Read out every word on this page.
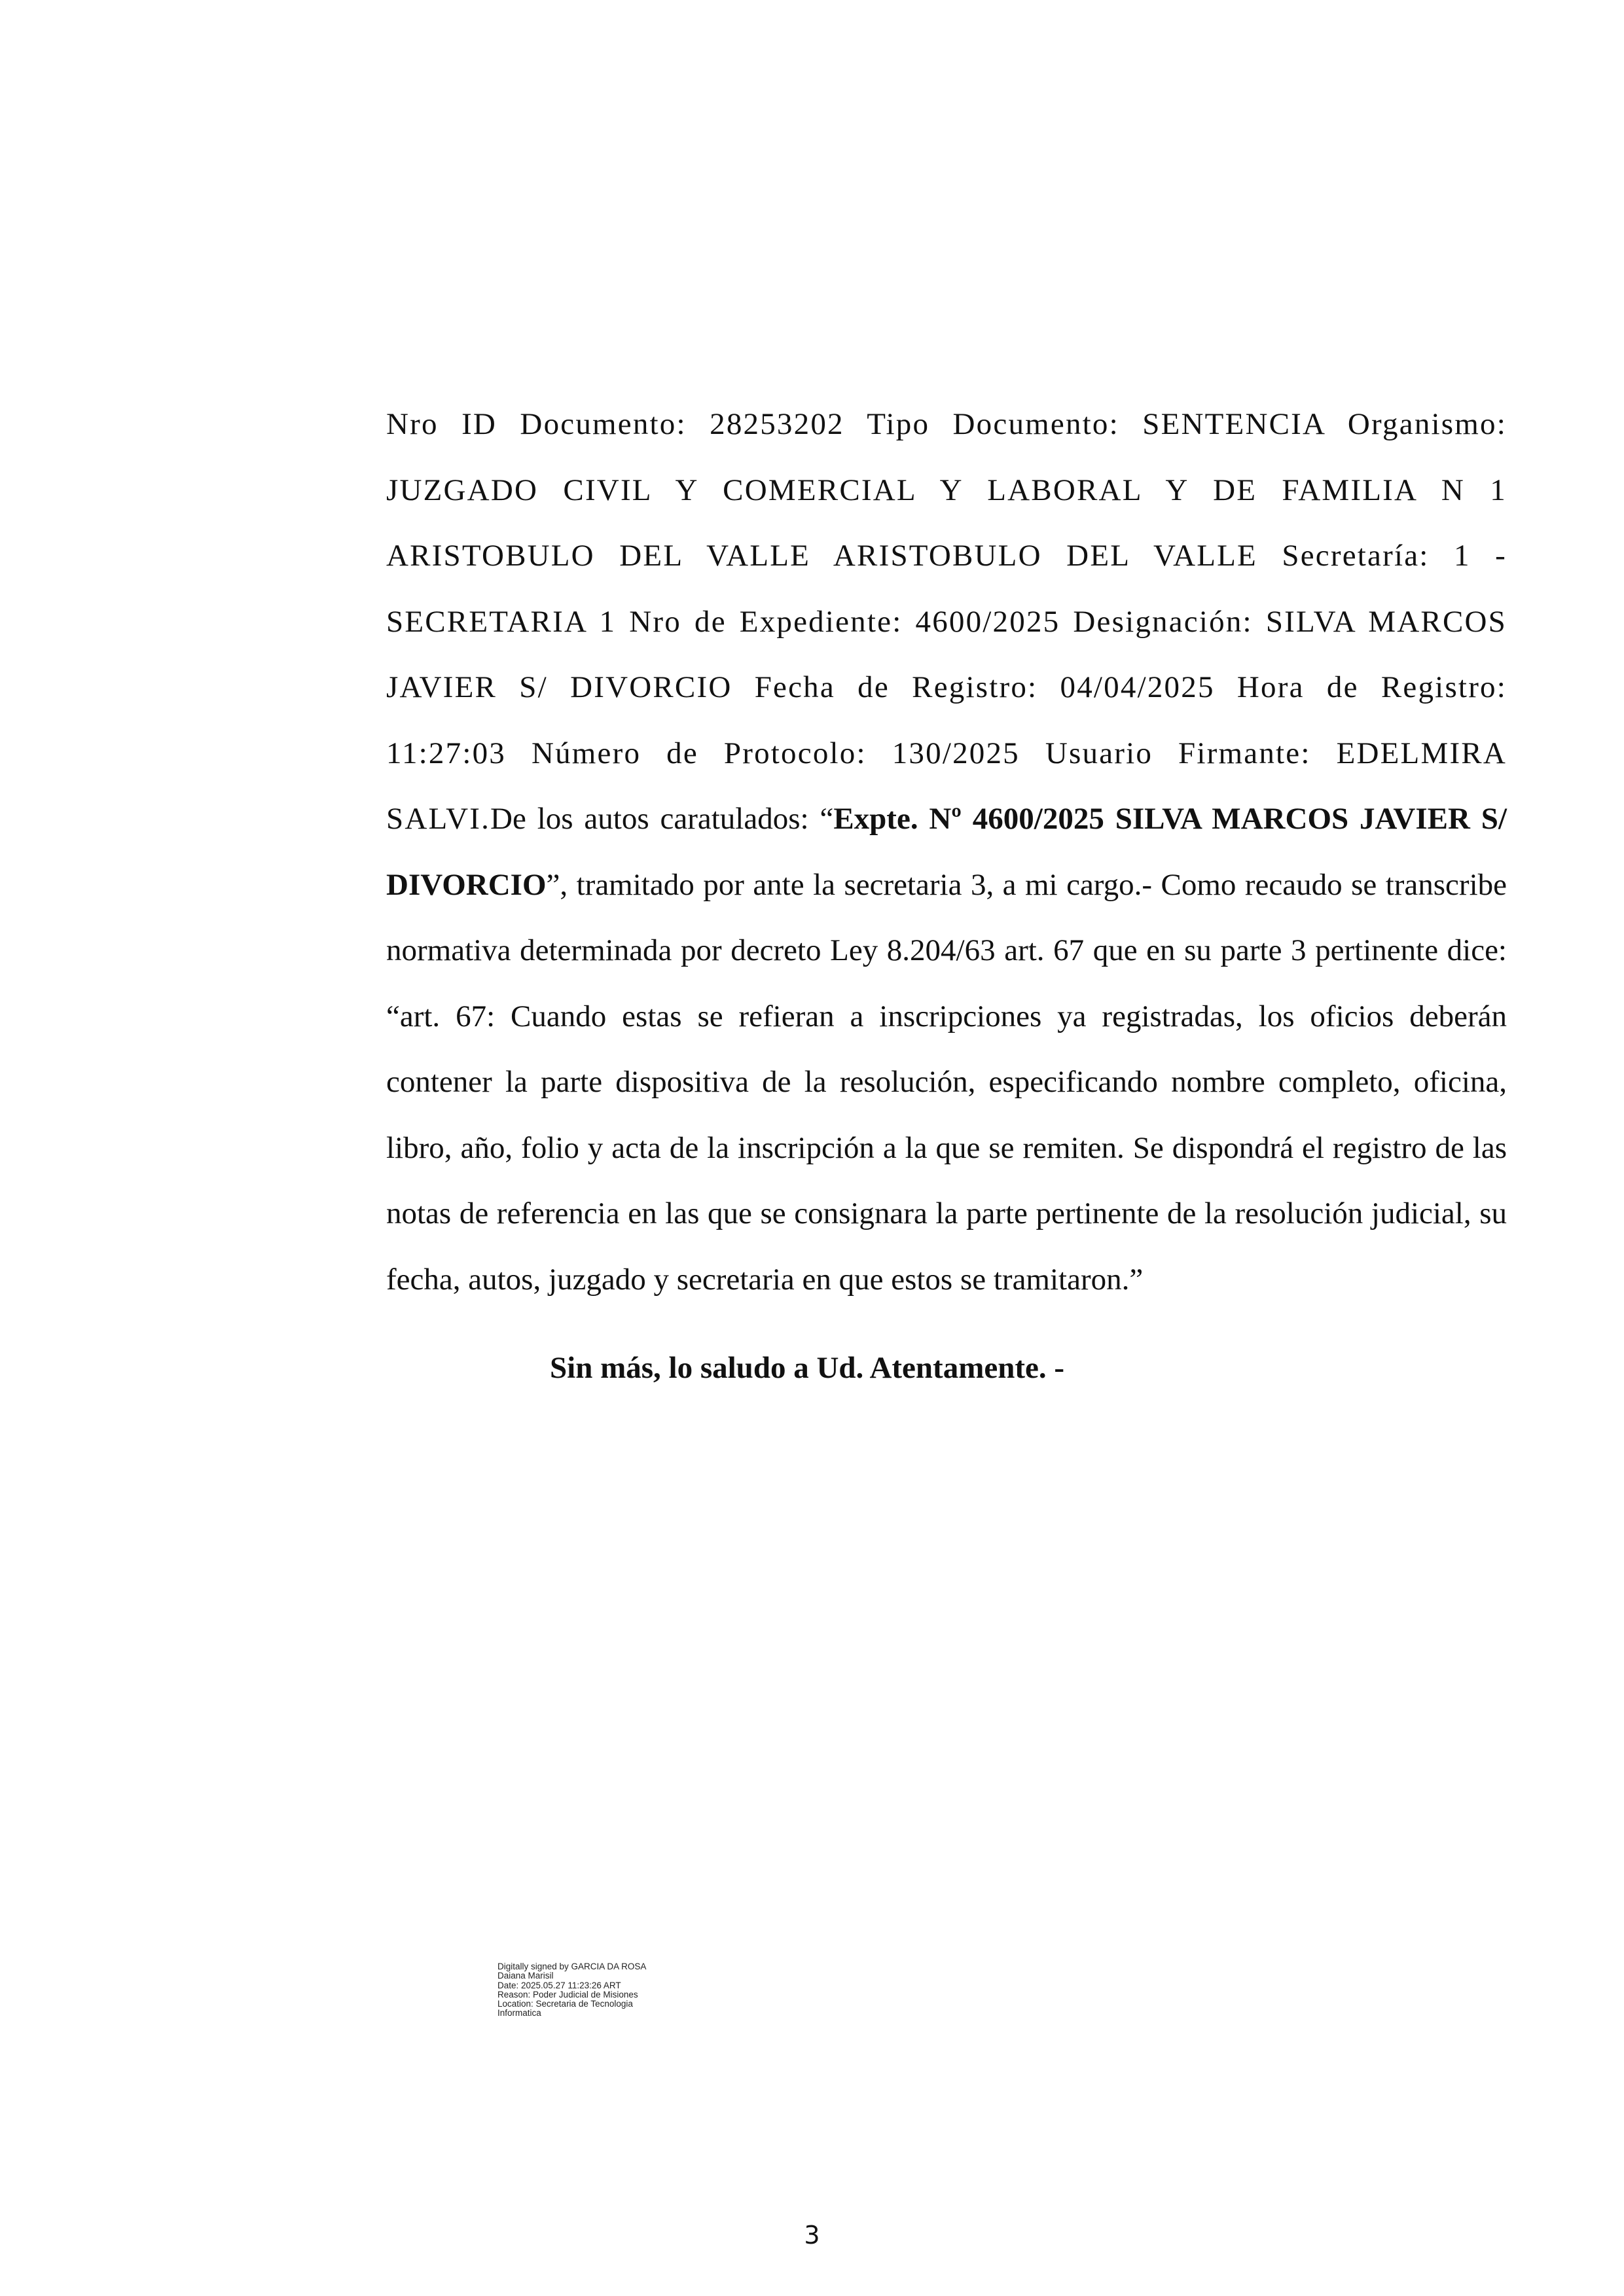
Nro ID Documento: 28253202 Tipo Documento: SENTENCIA Organismo: JUZGADO CIVIL Y COMERCIAL Y LABORAL Y DE FAMILIA N 1 ARISTOBULO DEL VALLE ARISTOBULO DEL VALLE Secretaría: 1 - SECRETARIA 1 Nro de Expediente: 4600/2025 Designación: SILVA MARCOS JAVIER S/ DIVORCIO Fecha de Registro: 04/04/2025 Hora de Registro: 11:27:03 Número de Protocolo: 130/2025 Usuario Firmante: EDELMIRA SALVI.De los autos caratulados: “Expte. Nº 4600/2025 SILVA MARCOS JAVIER S/ DIVORCIO”, tramitado por ante la secretaria 3, a mi cargo.- Como recaudo se transcribe normativa determinada por decreto Ley 8.204/63 art. 67 que en su parte 3 pertinente dice: “art. 67: Cuando estas se refieran a inscripciones ya registradas, los oficios deberán contener la parte dispositiva de la resolución, especificando nombre completo, oficina, libro, año, folio y acta de la inscripción a la que se remiten. Se dispondrá el registro de las notas de referencia en las que se consignara la parte pertinente de la resolución judicial, su fecha, autos, juzgado y secretaria en que estos se tramitaron.”

Sin más, lo saludo a Ud. Atentamente. -

Digitally signed by GARCIA DA ROSA
Daiana Marisil
Date: 2025.05.27 11:23:26 ART
Reason: Poder Judicial de Misiones
Location: Secretaria de Tecnologia
Informatica
3
